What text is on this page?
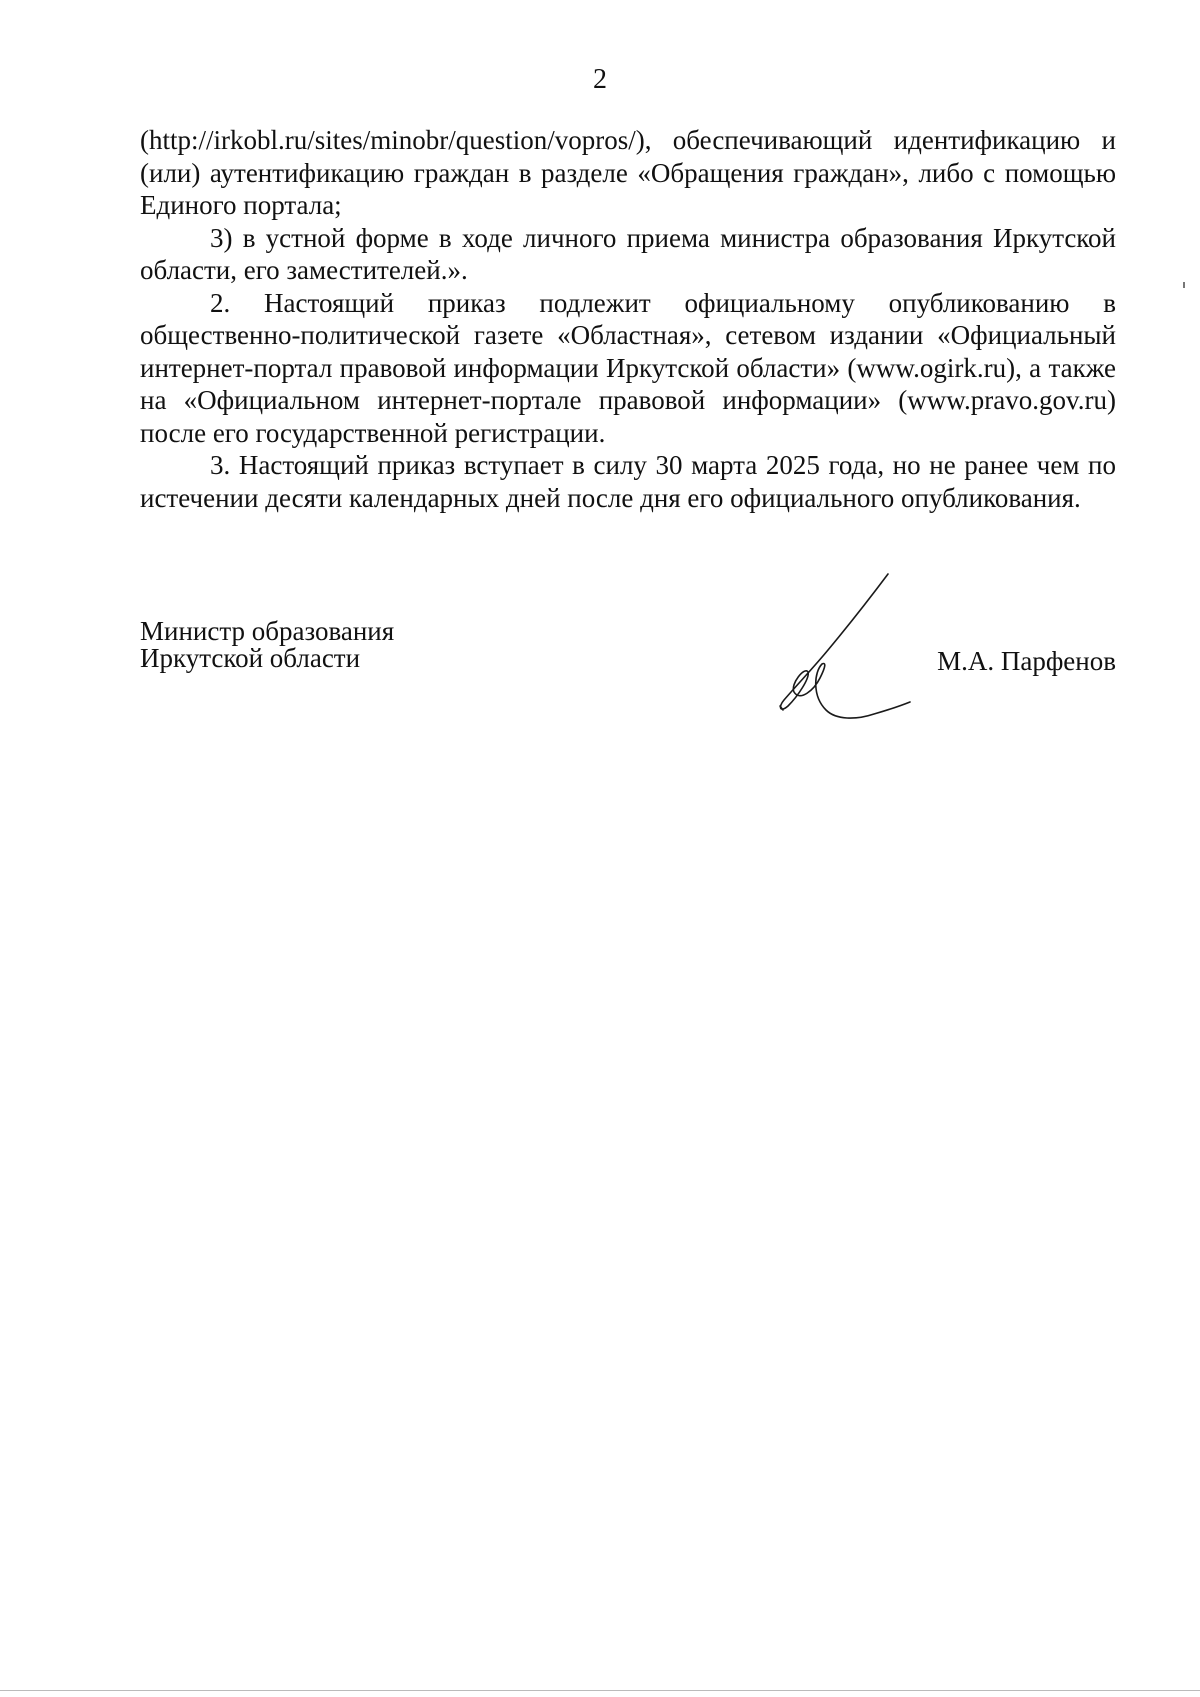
2

(http://irkobl.ru/sites/minobr/question/vopros/), обеспечивающий идентификацию и (или) аутентификацию граждан в разделе «Обращения граждан», либо с помощью Единого портала;

3) в устной форме в ходе личного приема министра образования Иркутской области, его заместителей.».

2. Настоящий приказ подлежит официальному опубликованию в общественно-политической газете «Областная», сетевом издании «Официальный интернет-портал правовой информации Иркутской области» (www.ogirk.ru), а также на «Официальном интернет-портале правовой информации» (www.pravo.gov.ru) после его государственной регистрации.

3. Настоящий приказ вступает в силу 30 марта 2025 года, но не ранее чем по истечении десяти календарных дней после дня его официального опубликования.

Министр образования
Иркутской области	М.А. Парфенов
